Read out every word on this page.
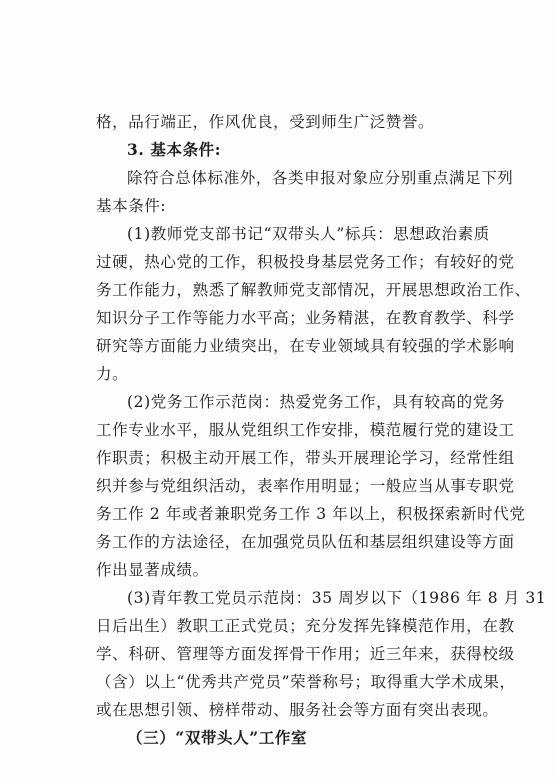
格，品行端正，作风优良，受到师生广泛赞誉。
3. 基本条件:
除符合总体标准外，各类申报对象应分别重点满足下列
基本条件:
(1)教师党支部书记“双带头人”标兵：思想政治素质
过硬，热心党的工作，积极投身基层党务工作；有较好的党
务工作能力，熟悉了解教师党支部情况，开展思想政治工作、
知识分子工作等能力水平高；业务精湛，在教育教学、科学
研究等方面能力业绩突出，在专业领域具有较强的学术影响
力。
(2)党务工作示范岗：热爱党务工作，具有较高的党务
工作专业水平，服从党组织工作安排，模范履行党的建设工
作职责；积极主动开展工作，带头开展理论学习，经常性组
织并参与党组织活动，表率作用明显；一般应当从事专职党
务工作 2 年或者兼职党务工作 3 年以上，积极探索新时代党
务工作的方法途径，在加强党员队伍和基层组织建设等方面
作出显著成绩。
(3)青年教工党员示范岗：35 周岁以下（1986 年 8 月 31
日后出生）教职工正式党员；充分发挥先锋模范作用，在教
学、科研、管理等方面发挥骨干作用；近三年来，获得校级
（含）以上“优秀共产党员”荣誉称号；取得重大学术成果，
或在思想引领、榜样带动、服务社会等方面有突出表现。
（三）“双带头人”工作室
